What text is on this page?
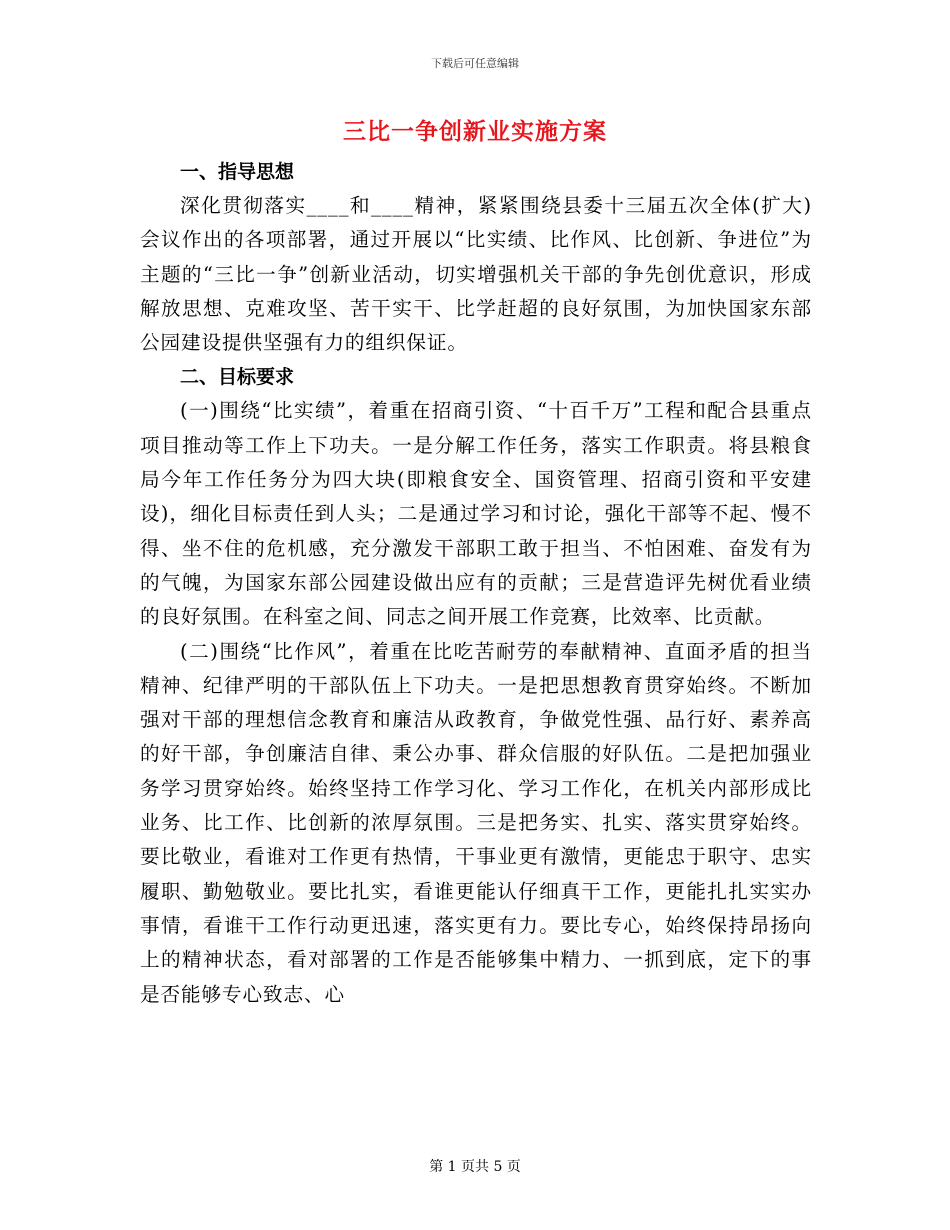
下载后可任意编辑
三比一争创新业实施方案
一、指导思想

深化贯彻落实____和____精神，紧紧围绕县委十三届五次全体(扩大)会议作出的各项部署，通过开展以“比实绩、比作风、比创新、争进位”为主题的“三比一争”创新业活动，切实增强机关干部的争先创优意识，形成解放思想、克难攻坚、苦干实干、比学赶超的良好氛围，为加快国家东部公园建设提供坚强有力的组织保证。

二、目标要求

(一)围绕“比实绩”，着重在招商引资、“十百千万”工程和配合县重点项目推动等工作上下功夫。一是分解工作任务，落实工作职责。将县粮食局今年工作任务分为四大块(即粮食安全、国资管理、招商引资和平安建设)，细化目标责任到人头；二是通过学习和讨论，强化干部等不起、慢不得、坐不住的危机感，充分激发干部职工敢于担当、不怕困难、奋发有为的气魄，为国家东部公园建设做出应有的贡献；三是营造评先树优看业绩的良好氛围。在科室之间、同志之间开展工作竞赛，比效率、比贡献。

(二)围绕“比作风”，着重在比吃苦耐劳的奉献精神、直面矛盾的担当精神、纪律严明的干部队伍上下功夫。一是把思想教育贯穿始终。不断加强对干部的理想信念教育和廉洁从政教育，争做党性强、品行好、素养高的好干部，争创廉洁自律、秉公办事、群众信服的好队伍。二是把加强业务学习贯穿始终。始终坚持工作学习化、学习工作化，在机关内部形成比业务、比工作、比创新的浓厚氛围。三是把务实、扎实、落实贯穿始终。要比敬业，看谁对工作更有热情，干事业更有激情，更能忠于职守、忠实履职、勤勉敬业。要比扎实，看谁更能认仔细真干工作，更能扎扎实实办事情，看谁干工作行动更迅速，落实更有力。要比专心，始终保持昂扬向上的精神状态，看对部署的工作是否能够集中精力、一抓到底，定下的事是否能够专心致志、心

第 1 页共 5 页
